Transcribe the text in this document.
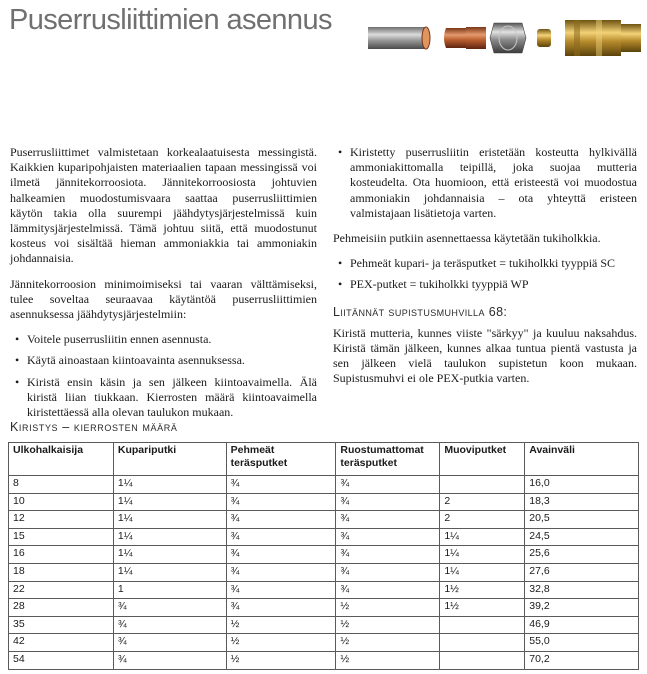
Puserrusliittimien asennus

Puserrusliittimet valmistetaan korkealaatuisesta messingistä. Kaikkien kuparipohjaisten materiaalien tapaan messingissä voi ilmetä jännitekorroosiota. Jännitekorroosiosta johtuvien halkeamien muodostumisvaara saattaa puserrusliittimien käytön takia olla suurempi jäähdytysjärjestelmissä kuin lämmitysjärjestelmissä. Tämä johtuu siitä, että muodostunut kosteus voi sisältää hieman ammoniakkia tai ammoniakin johdannaisia.

Jännitekorroosion minimoimiseksi tai vaaran välttämiseksi, tulee soveltaa seuraavaa käytäntöä puserrusliittimien asennuksessa jäähdytysjärjestelmiin:

• Voitele puserrusliitin ennen asennusta.
• Käytä ainoastaan kiintoavainta asennuksessa.
• Kiristä ensin käsin ja sen jälkeen kiintoavaimella. Älä kiristä liian tiukkaan. Kierrosten määrä kiintoavaimella kiristettäessä alla olevan taulukon mukaan.
• Kiristetty puserrusliitin eristetään kosteutta hylkivällä ammoniakittomalla teipillä, joka suojaa mutteria kosteudelta. Ota huomioon, että eristeestä voi muodostua ammoniakin johdannaisia – ota yhteyttä eristeen valmistajaan lisätietoja varten.

Pehmeisiin putkiin asennettaessa käytetään tukiholkkia.

• Pehmeät kupari- ja teräsputket = tukiholkki tyyppiä SC
• PEX-putket = tukiholkki tyyppiä WP
Liitännät supistusmuhvilla 68:

Kiristä mutteria, kunnes viiste "särkyy" ja kuuluu naksahdus. Kiristä tämän jälkeen, kunnes alkaa tuntua pientä vastusta ja sen jälkeen vielä taulukon supistetun koon mukaan. Supistusmuhvi ei ole PEX-putkia varten.

Kiristys – kierrosten määrä
Ulkohalkaisija	Kupariputki	Pehmeät teräsputket	Ruostumattomat teräsputket	Muoviputket	Avainväli
8	1¼	¾	¾		16,0
10	1¼	¾	¾	2	18,3
12	1¼	¾	¾	2	20,5
15	1¼	¾	¾	1¼	24,5
16	1¼	¾	¾	1¼	25,6
18	1¼	¾	¾	1¼	27,6
22	1	¾	¾	1½	32,8
28	¾	¾	½	1½	39,2
35	¾	½	½		46,9
42	¾	½	½		55,0
54	¾	½	½		70,2
